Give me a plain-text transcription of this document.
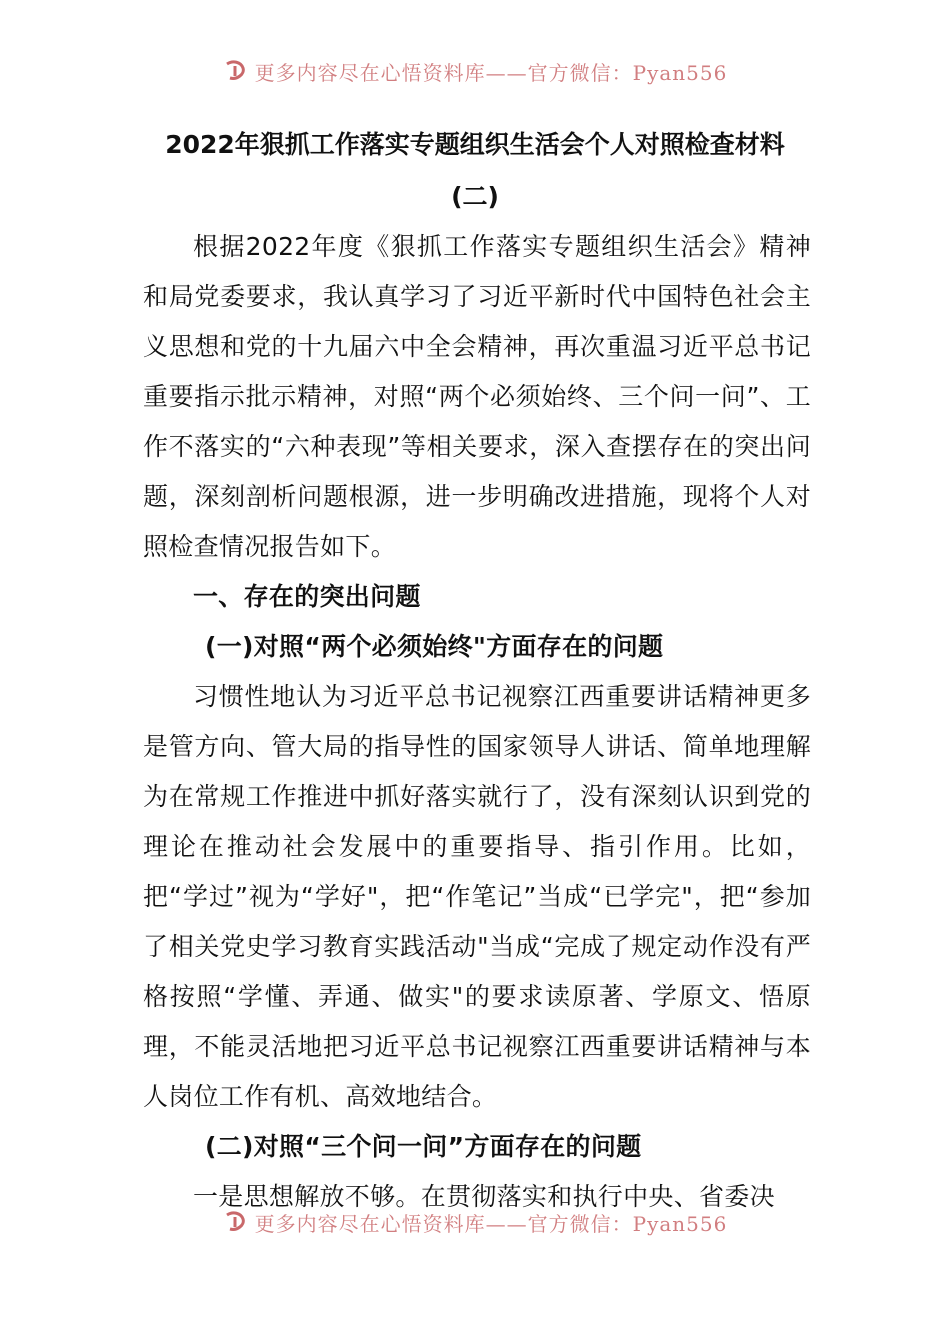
更多内容尽在心悟资料库——官方微信：Pyan556
2022年狠抓工作落实专题组织生活会个人对照检查材料
(二)

根据2022年度《狠抓工作落实专题组织生活会》精神和局党委要求，我认真学习了习近平新时代中国特色社会主义思想和党的十九届六中全会精神，再次重温习近平总书记重要指示批示精神，对照“两个必须始终、三个问一问”、工作不落实的“六种表现”等相关要求，深入查摆存在的突出问题，深刻剖析问题根源，进一步明确改进措施，现将个人对照检查情况报告如下。

一、存在的突出问题
(一)对照“两个必须始终"方面存在的问题

习惯性地认为习近平总书记视察江西重要讲话精神更多是管方向、管大局的指导性的国家领导人讲话、简单地理解为在常规工作推进中抓好落实就行了，没有深刻认识到党的理论在推动社会发展中的重要指导、指引作用。比如，把“学过”视为“学好"，把“作笔记”当成“已学完"，把“参加了相关党史学习教育实践活动"当成“完成了规定动作没有严格按照“学懂、弄通、做实"的要求读原著、学原文、悟原理，不能灵活地把习近平总书记视察江西重要讲话精神与本人岗位工作有机、高效地结合。

(二)对照“三个问一问”方面存在的问题

一是思想解放不够。在贯彻落实和执行中央、省委决

更多内容尽在心悟资料库——官方微信：Pyan556
